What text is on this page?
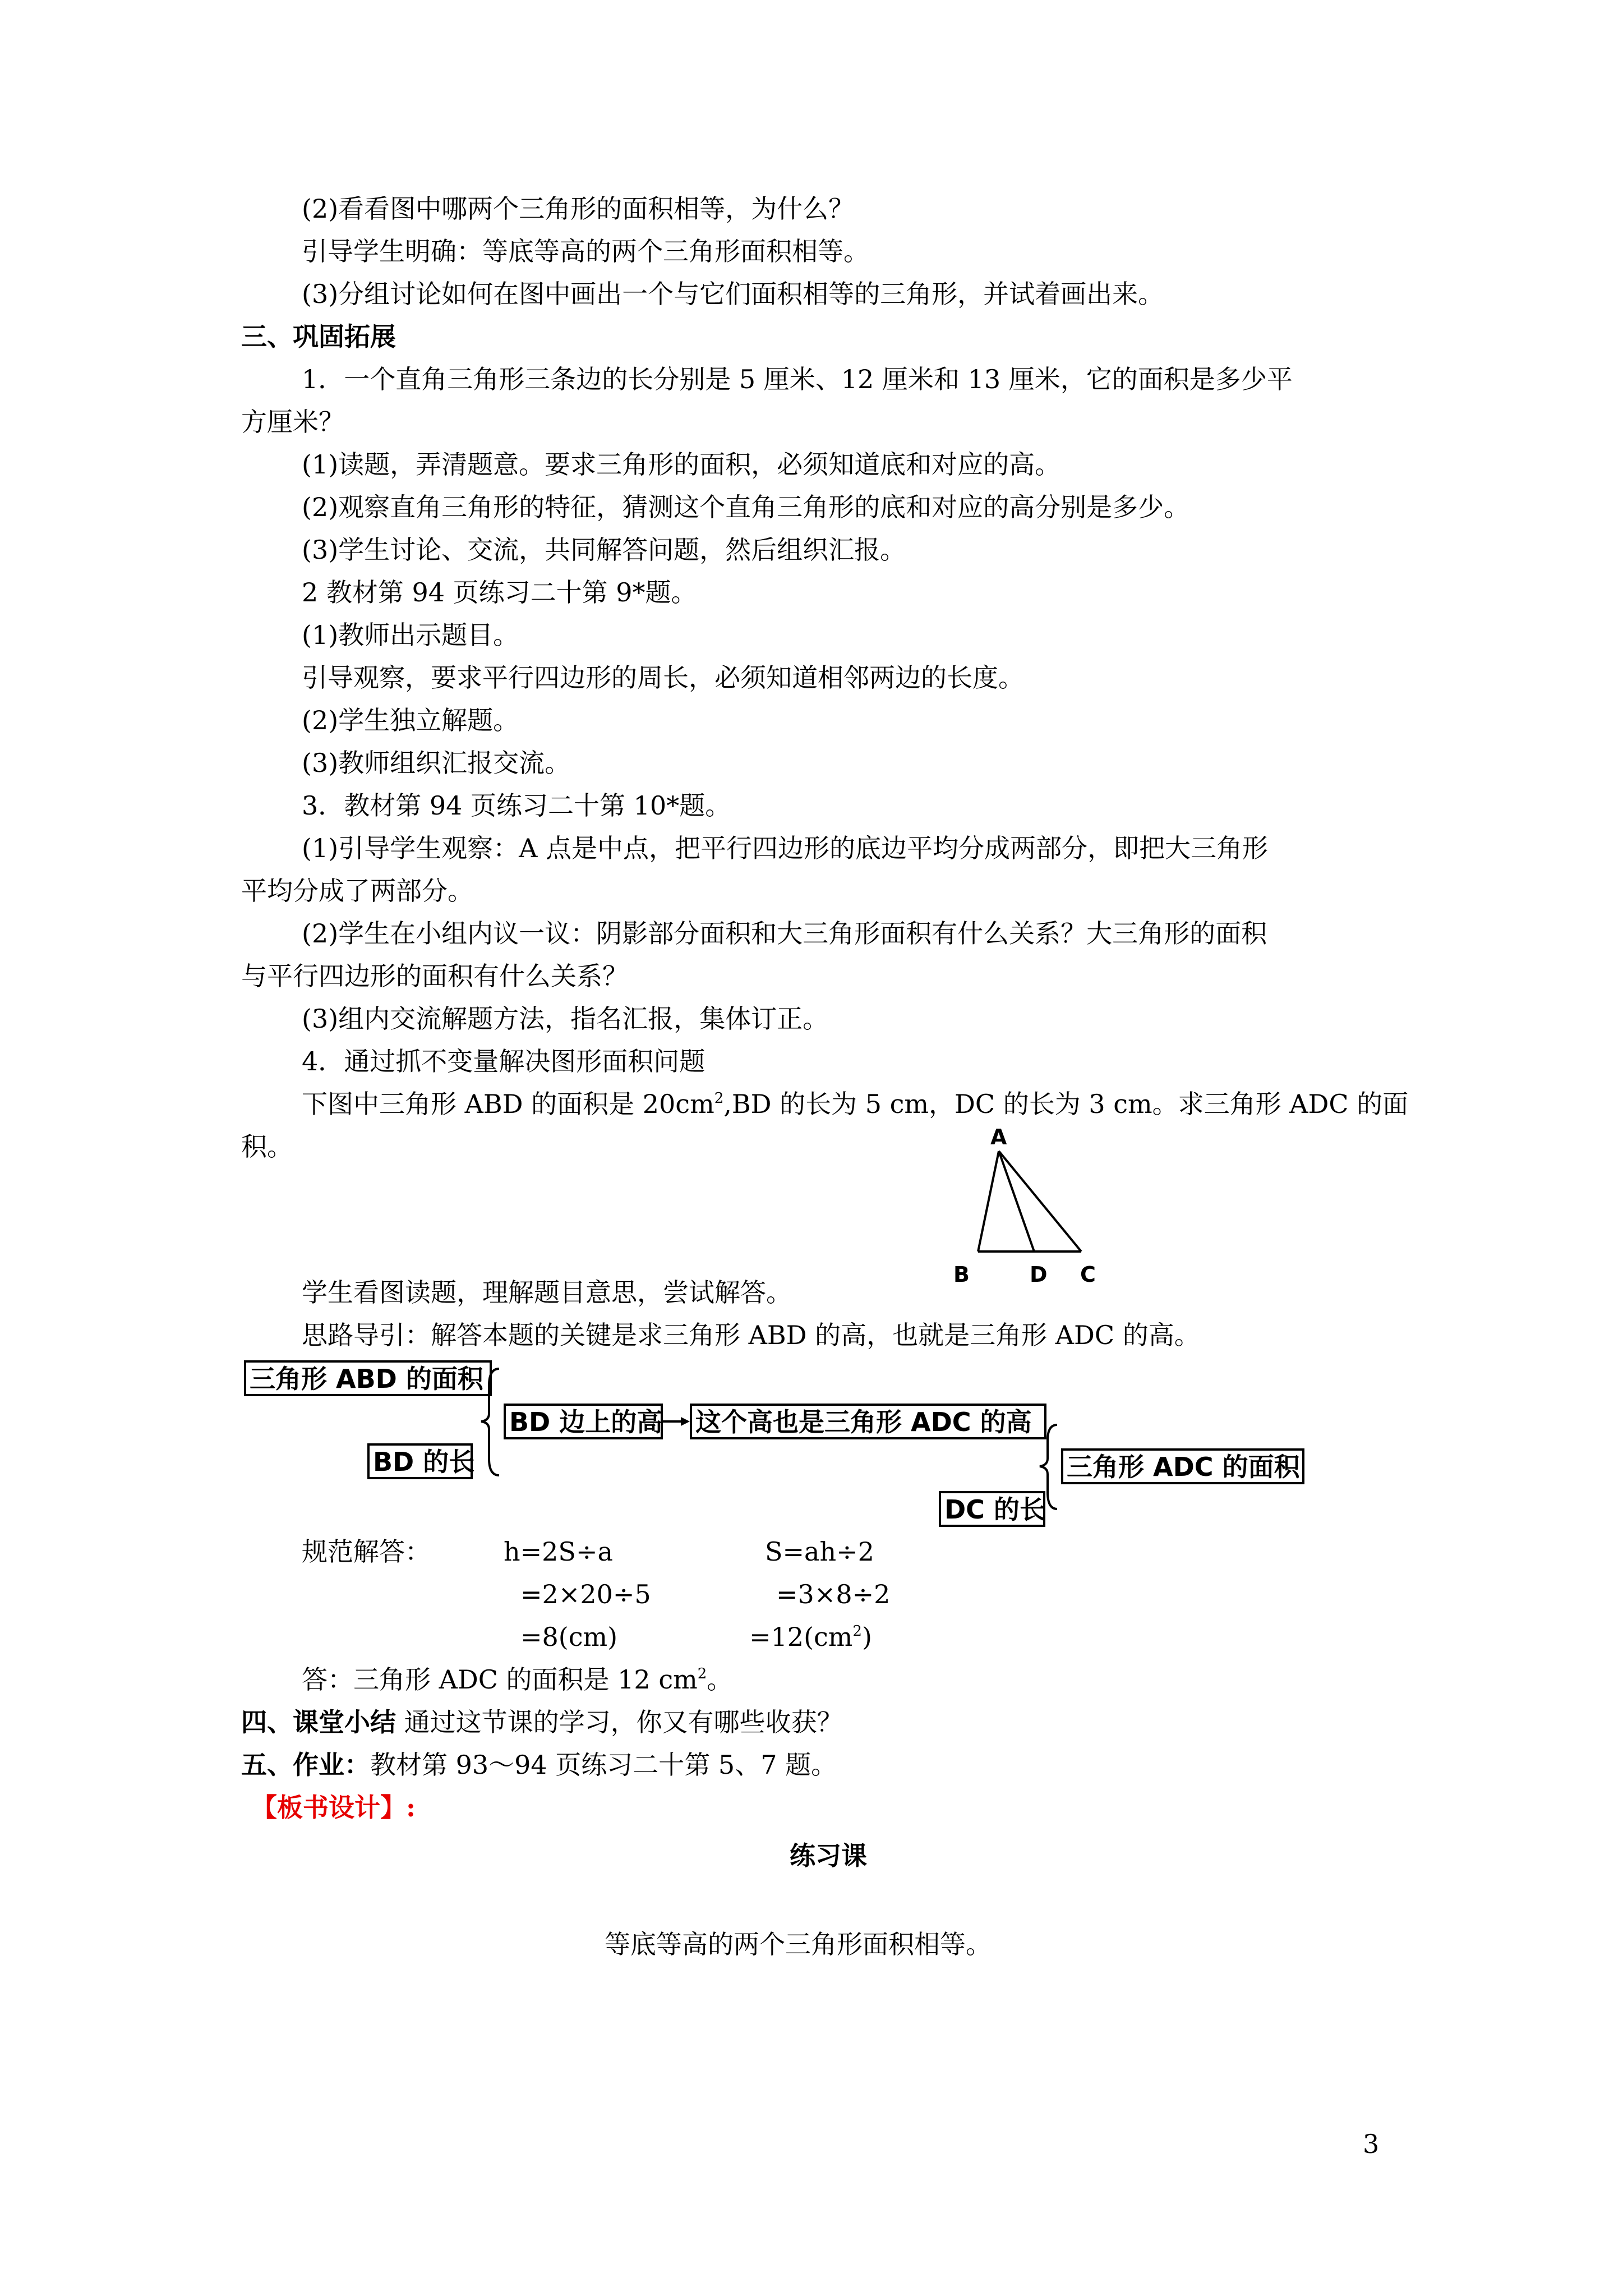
(2)看看图中哪两个三角形的面积相等，为什么？
引导学生明确：等底等高的两个三角形面积相等。
(3)分组讨论如何在图中画出一个与它们面积相等的三角形，并试着画出来。
三、巩固拓展
1．一个直角三角形三条边的长分别是 5 厘米、12 厘米和 13 厘米，它的面积是多少平
方厘米？
(1)读题，弄清题意。要求三角形的面积，必须知道底和对应的高。
(2)观察直角三角形的特征，猜测这个直角三角形的底和对应的高分别是多少。
(3)学生讨论、交流，共同解答问题，然后组织汇报。
2 教材第 94 页练习二十第 9*题。
(1)教师出示题目。
引导观察，要求平行四边形的周长，必须知道相邻两边的长度。
(2)学生独立解题。
(3)教师组织汇报交流。
3．教材第 94 页练习二十第 10*题。
(1)引导学生观察：A 点是中点，把平行四边形的底边平均分成两部分，即把大三角形
平均分成了两部分。
(2)学生在小组内议一议：阴影部分面积和大三角形面积有什么关系？大三角形的面积
与平行四边形的面积有什么关系？
(3)组内交流解题方法，指名汇报，集体订正。
4．通过抓不变量解决图形面积问题
下图中三角形 ABD 的面积是 $20cm^2,BD$ 的长为 5 cm，DC 的长为 3 cm。求三角形 ADC 的面
积。	A
B	D C
学生看图读题，理解题目意思，尝试解答。
思路导引：解答本题的关键是求三角形 ABD 的高，也就是三角形 ADC 的高。
三角形 ABD 的面积
BD 的长
BD 边上的高 这个高也是三角形 ADC 的高
DC 的长
三角形 ADC 的面积
规范解答：	h=2S÷a
=2×20÷5
=8(cm)
S=ah÷2
=3×8÷2
$=12(cm^2)$
答：三角形 ADC 的面积是 12 $cm^2$。
四、课堂小结 通过这节课的学习，你又有哪些收获？
五、作业：教材第 93～94 页练习二十第 5、7 题。
【板书设计】:
练习课
等底等高的两个三角形面积相等。
3
